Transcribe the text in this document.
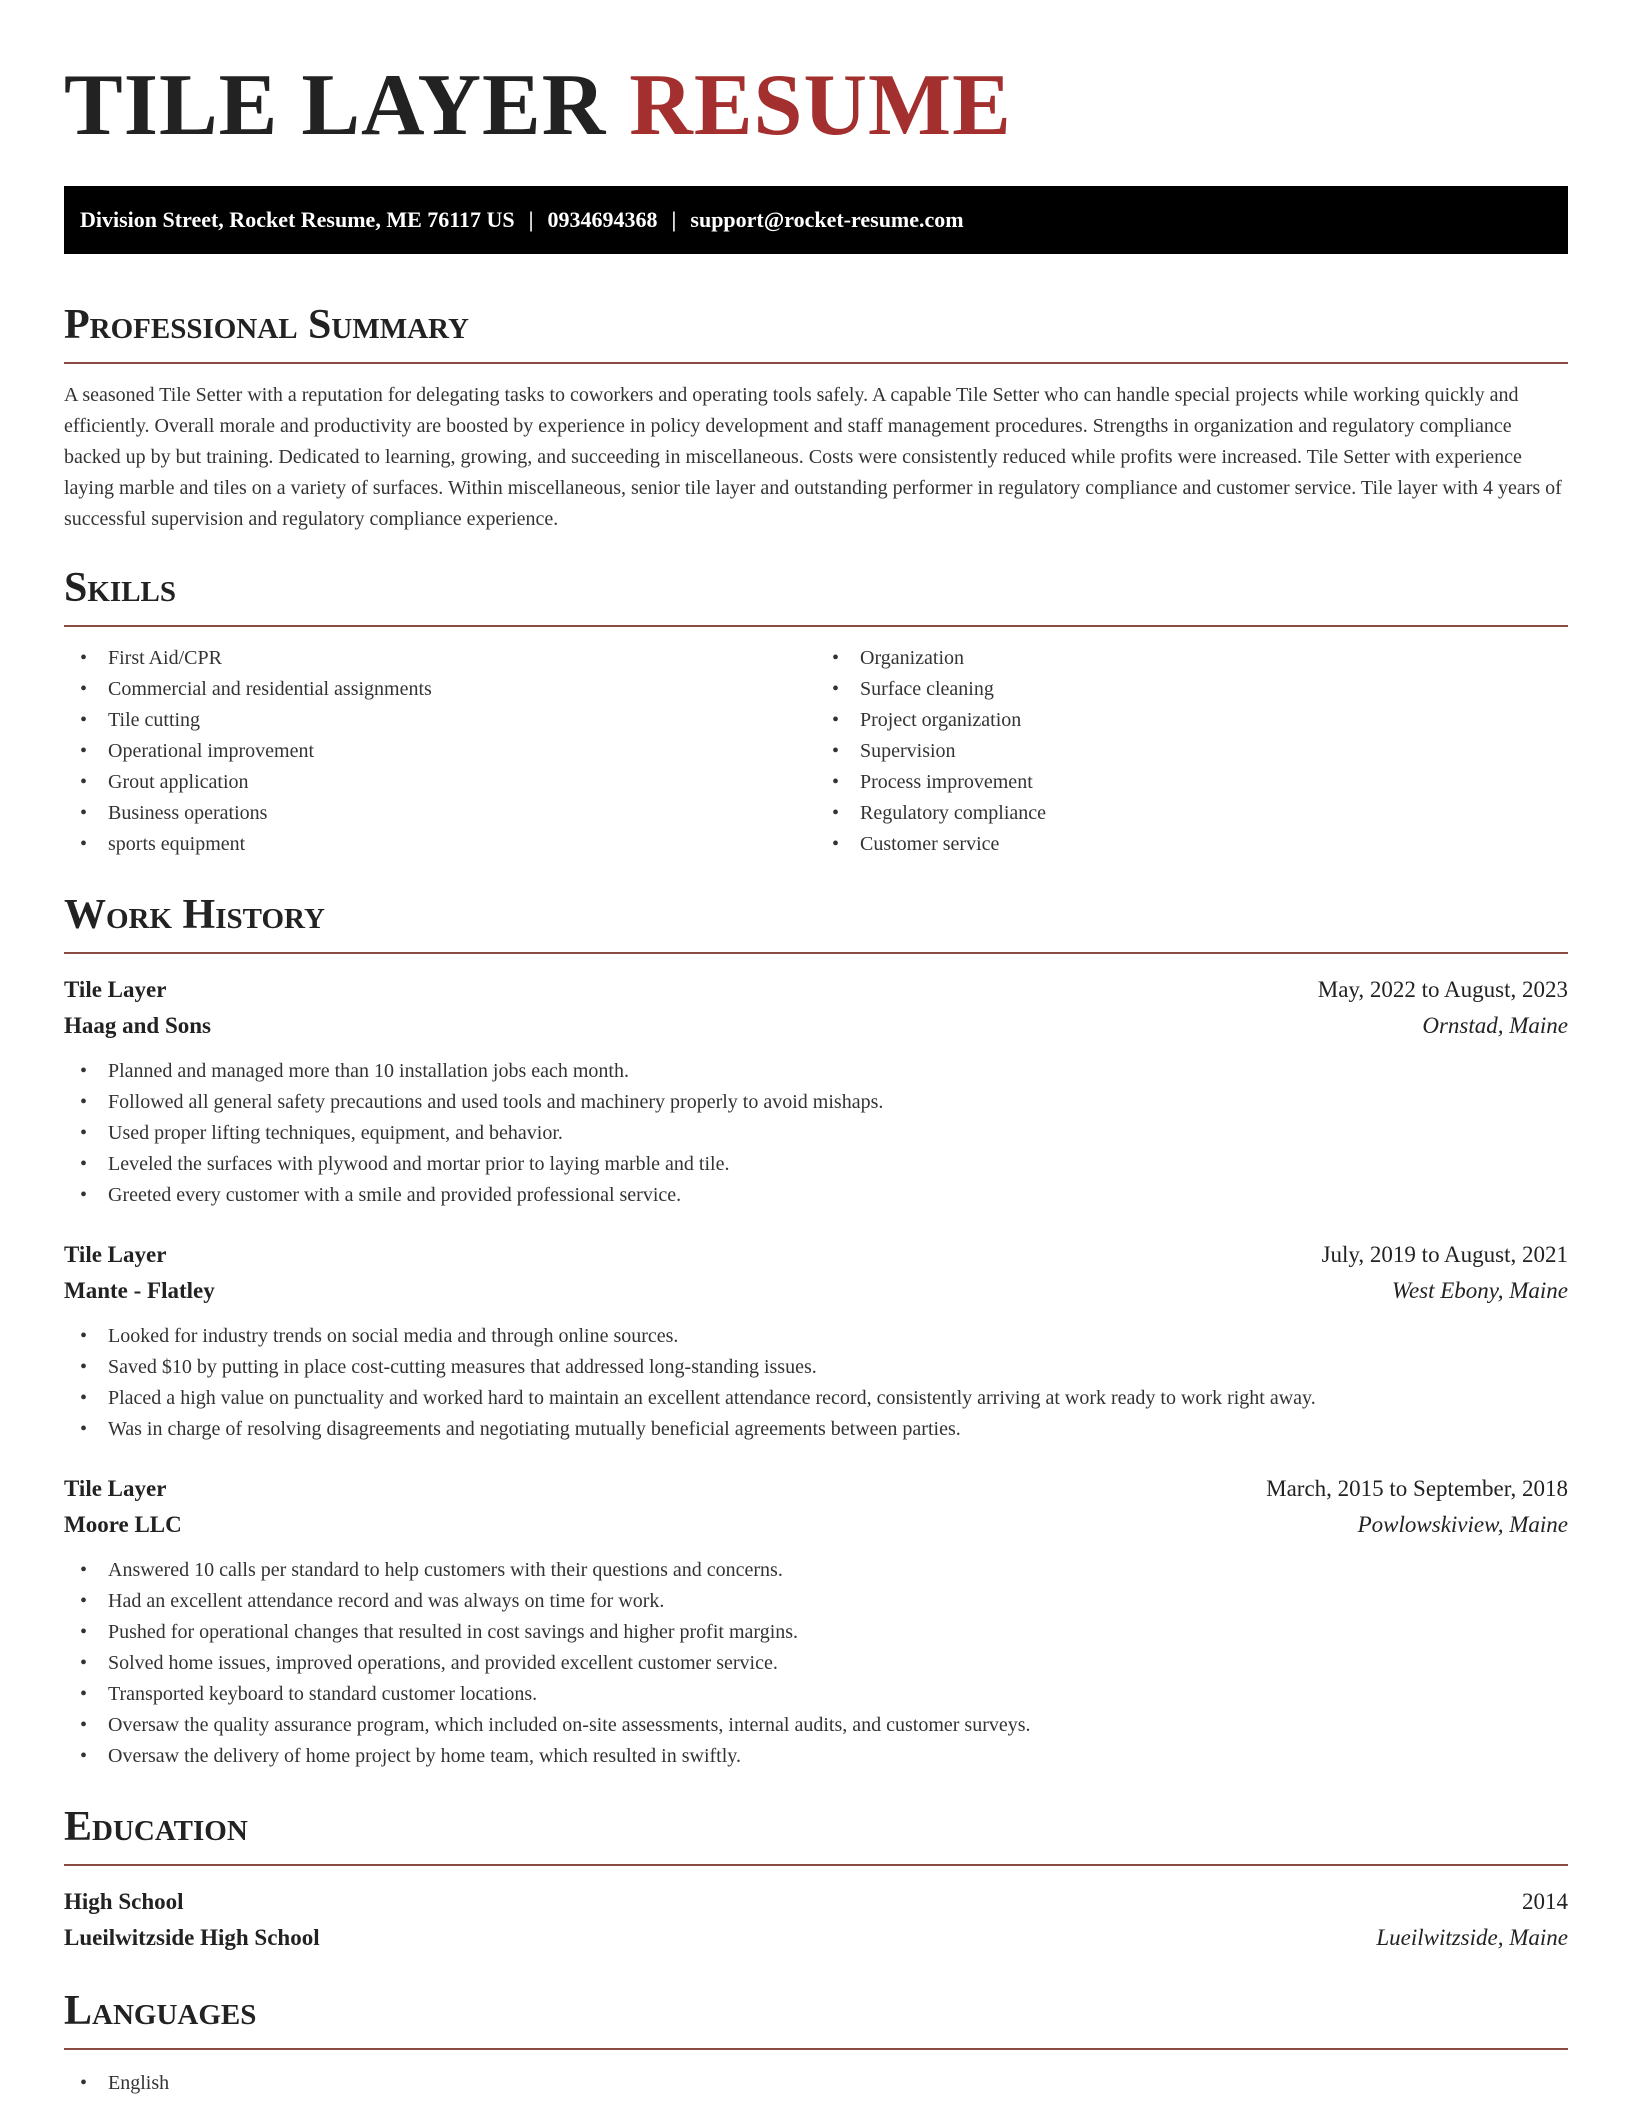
TILE LAYER RESUME
Division Street, Rocket Resume, ME 76117 US | 0934694368 | support@rocket-resume.com
Professional Summary

A seasoned Tile Setter with a reputation for delegating tasks to coworkers and operating tools safely. A capable Tile Setter who can handle special projects while working quickly and efficiently. Overall morale and productivity are boosted by experience in policy development and staff management procedures. Strengths in organization and regulatory compliance backed up by but training. Dedicated to learning, growing, and succeeding in miscellaneous. Costs were consistently reduced while profits were increased. Tile Setter with experience laying marble and tiles on a variety of surfaces. Within miscellaneous, senior tile layer and outstanding performer in regulatory compliance and customer service. Tile layer with 4 years of successful supervision and regulatory compliance experience.

Skills
• First Aid/CPR
• Commercial and residential assignments
• Tile cutting
• Operational improvement
• Grout application
• Business operations
• sports equipment
• Organization
• Surface cleaning
• Project organization
• Supervision
• Process improvement
• Regulatory compliance
• Customer service
Work History
Tile Layer	May, 2022 to August, 2023
Haag and Sons	Ornstad, Maine
• Planned and managed more than 10 installation jobs each month.
• Followed all general safety precautions and used tools and machinery properly to avoid mishaps.
• Used proper lifting techniques, equipment, and behavior.
• Leveled the surfaces with plywood and mortar prior to laying marble and tile.
• Greeted every customer with a smile and provided professional service.
Tile Layer	July, 2019 to August, 2021
Mante - Flatley	West Ebony, Maine
• Looked for industry trends on social media and through online sources.
• Saved $10 by putting in place cost-cutting measures that addressed long-standing issues.
• Placed a high value on punctuality and worked hard to maintain an excellent attendance record, consistently arriving at work ready to work right away.
• Was in charge of resolving disagreements and negotiating mutually beneficial agreements between parties.
Tile Layer	March, 2015 to September, 2018
Moore LLC	Powlowskiview, Maine
• Answered 10 calls per standard to help customers with their questions and concerns.
• Had an excellent attendance record and was always on time for work.
• Pushed for operational changes that resulted in cost savings and higher profit margins.
• Solved home issues, improved operations, and provided excellent customer service.
• Transported keyboard to standard customer locations.
• Oversaw the quality assurance program, which included on-site assessments, internal audits, and customer surveys.
• Oversaw the delivery of home project by home team, which resulted in swiftly.
Education
High School	2014
Lueilwitzside High School	Lueilwitzside, Maine
Languages
• English
